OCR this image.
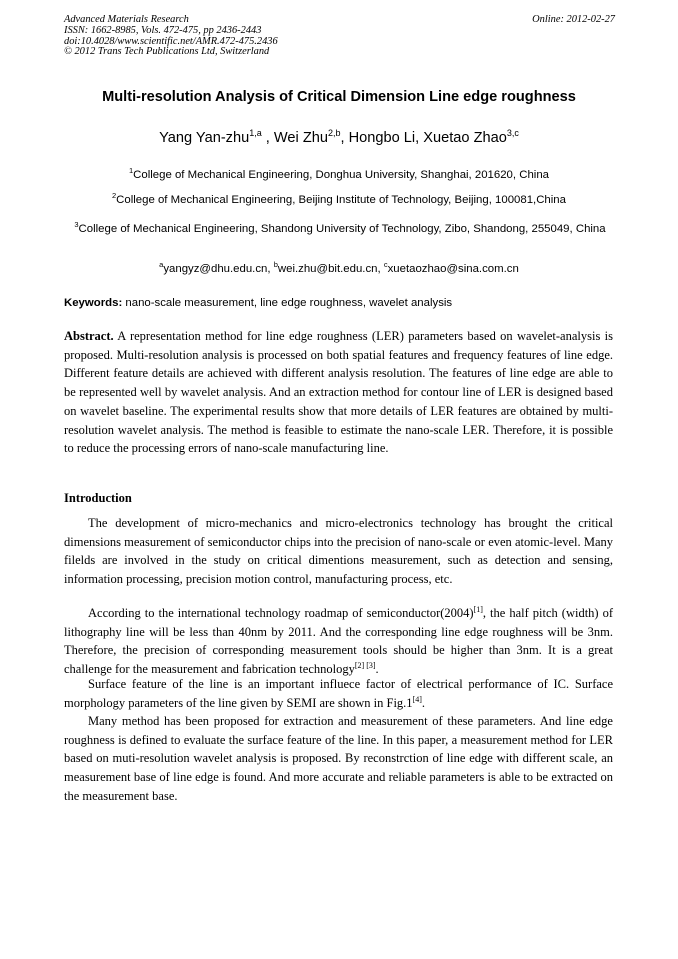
Advanced Materials Research
ISSN: 1662-8985, Vols. 472-475, pp 2436-2443
doi:10.4028/www.scientific.net/AMR.472-475.2436
© 2012 Trans Tech Publications Ltd, Switzerland
Online: 2012-02-27
Multi-resolution Analysis of Critical Dimension Line edge roughness
Yang Yan-zhu$^{1,a}$ , Wei Zhu$^{2,b}$, Hongbo Li, Xuetao Zhao$^{3,c}$
$^1$College of Mechanical Engineering, Donghua University, Shanghai, 201620, China
$^2$College of Mechanical Engineering, Beijing Institute of Technology, Beijing, 100081,China
$^3$College of Mechanical Engineering, Shandong University of Technology, Zibo, Shandong, 255049, China
$^a$yangyz@dhu.edu.cn, $^b$wei.zhu@bit.edu.cn, $^c$xuetaozhao@sina.com.cn
Keywords: nano-scale measurement, line edge roughness, wavelet analysis
Abstract. A representation method for line edge roughness (LER) parameters based on wavelet-analysis is proposed. Multi-resolution analysis is processed on both spatial features and frequency features of line edge. Different feature details are achieved with different analysis resolution. The features of line edge are able to be represented well by wavelet analysis. And an extraction method for contour line of LER is designed based on wavelet baseline. The experimental results show that more details of LER features are obtained by multi-resolution wavelet analysis. The method is feasible to estimate the nano-scale LER. Therefore, it is possible to reduce the processing errors of nano-scale manufacturing line.
Introduction
The development of micro-mechanics and micro-electronics technology has brought the critical dimensions measurement of semiconductor chips into the precision of nano-scale or even atomic-level. Many filelds are involved in the study on critical dimentions measurement, such as detection and sensing, information processing, precision motion control, manufacturing process, etc.
According to the international technology roadmap of semiconductor(2004)[1], the half pitch (width) of lithography line will be less than 40nm by 2011. And the corresponding line edge roughness will be 3nm. Therefore, the precision of corresponding measurement tools should be higher than 3nm. It is a great challenge for the measurement and fabrication technology[2] [3].
Surface feature of the line is an important influece factor of electrical performance of IC. Surface morphology parameters of the line given by SEMI are shown in Fig.1[4].
Many method has been proposed for extraction and measurement of these parameters. And line edge roughness is defined to evaluate the surface feature of the line. In this paper, a measurement method for LER based on muti-resolution wavelet analysis is proposed. By reconstrction of line edge with different scale, an measurement base of line edge is found. And more accurate and reliable parameters is able to be extracted on the measurement base.
